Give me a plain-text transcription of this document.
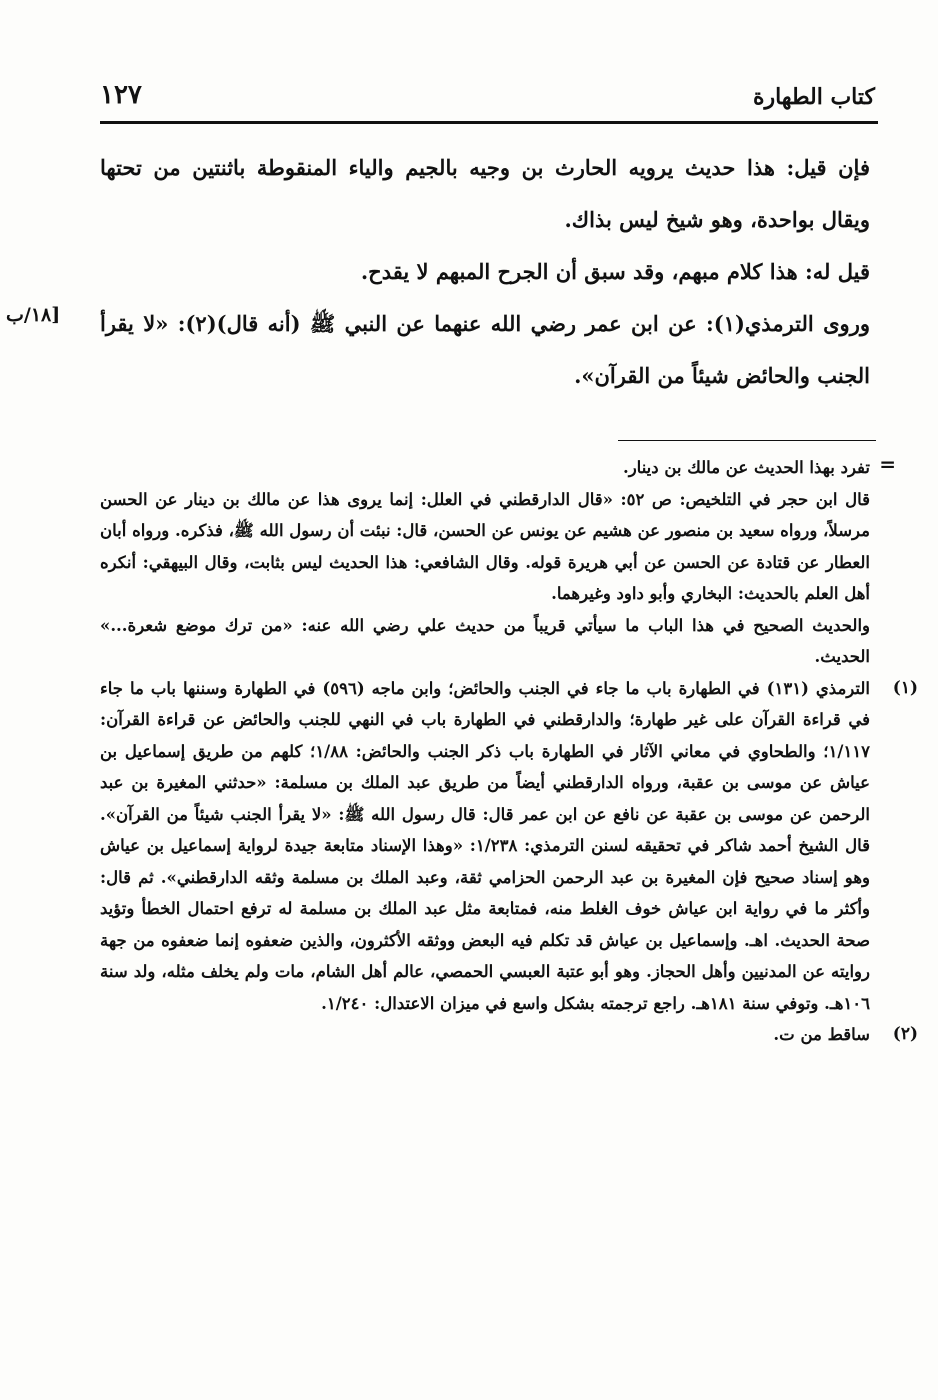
كتاب الطهارة
١٢٧

فإن قيل: هذا حديث يرويه الحارث بن وجيه بالجيم والياء المنقوطة باثنتين من تحتها ويقال بواحدة، وهو شيخ ليس بذاك.

قيل له: هذا كلام مبهم، وقد سبق أن الجرح المبهم لا يقدح.

وروى الترمذي(١): عن ابن عمر رضي الله عنهما عن النبي ﷺ (أنه قال)(٢): «لا يقرأ الجنب والحائض شيئاً من القرآن».

[١٨/ب
=

تفرد بهذا الحديث عن مالك بن دينار.

قال ابن حجر في التلخيص: ص ٥٢: «قال الدارقطني في العلل: إنما يروى هذا عن مالك بن دينار عن الحسن مرسلاً، ورواه سعيد بن منصور عن هشيم عن يونس عن الحسن، قال: نبئت أن رسول الله ﷺ، فذكره. ورواه أبان العطار عن قتادة عن الحسن عن أبي هريرة قوله. وقال الشافعي: هذا الحديث ليس بثابت، وقال البيهقي: أنكره أهل العلم بالحديث: البخاري وأبو داود وغيرهما.

والحديث الصحيح في هذا الباب ما سيأتي قريباً من حديث علي رضي الله عنه: «من ترك موضع شعرة...» الحديث.

(١)
الترمذي (١٣١) في الطهارة باب ما جاء في الجنب والحائض؛ وابن ماجه (٥٩٦) في الطهارة وسننها باب ما جاء في قراءة القرآن على غير طهارة؛ والدارقطني في الطهارة باب في النهي للجنب والحائض عن قراءة القرآن: ١/١١٧؛ والطحاوي في معاني الآثار في الطهارة باب ذكر الجنب والحائض: ١/٨٨؛ كلهم من طريق إسماعيل بن عياش عن موسى بن عقبة، ورواه الدارقطني أيضاً من طريق عبد الملك بن مسلمة: «حدثني المغيرة بن عبد الرحمن عن موسى بن عقبة عن نافع عن ابن عمر قال: قال رسول الله ﷺ: «لا يقرأ الجنب شيئاً من القرآن». قال الشيخ أحمد شاكر في تحقيقه لسنن الترمذي: ١/٢٣٨: «وهذا الإسناد متابعة جيدة لرواية إسماعيل بن عياش وهو إسناد صحيح فإن المغيرة بن عبد الرحمن الحزامي ثقة، وعبد الملك بن مسلمة وثقه الدارقطني». ثم قال: وأكثر ما في رواية ابن عياش خوف الغلط منه، فمتابعة مثل عبد الملك بن مسلمة له ترفع احتمال الخطأ وتؤيد صحة الحديث. اهـ. وإسماعيل بن عياش قد تكلم فيه البعض ووثقه الأكثرون، والذين ضعفوه إنما ضعفوه من جهة روايته عن المدنيين وأهل الحجاز. وهو أبو عتبة العبسي الحمصي، عالم أهل الشام، مات ولم يخلف مثله، ولد سنة ١٠٦هـ. وتوفي سنة ١٨١هـ. راجع ترجمته بشكل واسع في ميزان الاعتدال: ١/٢٤٠.

(٢)
ساقط من ت.
